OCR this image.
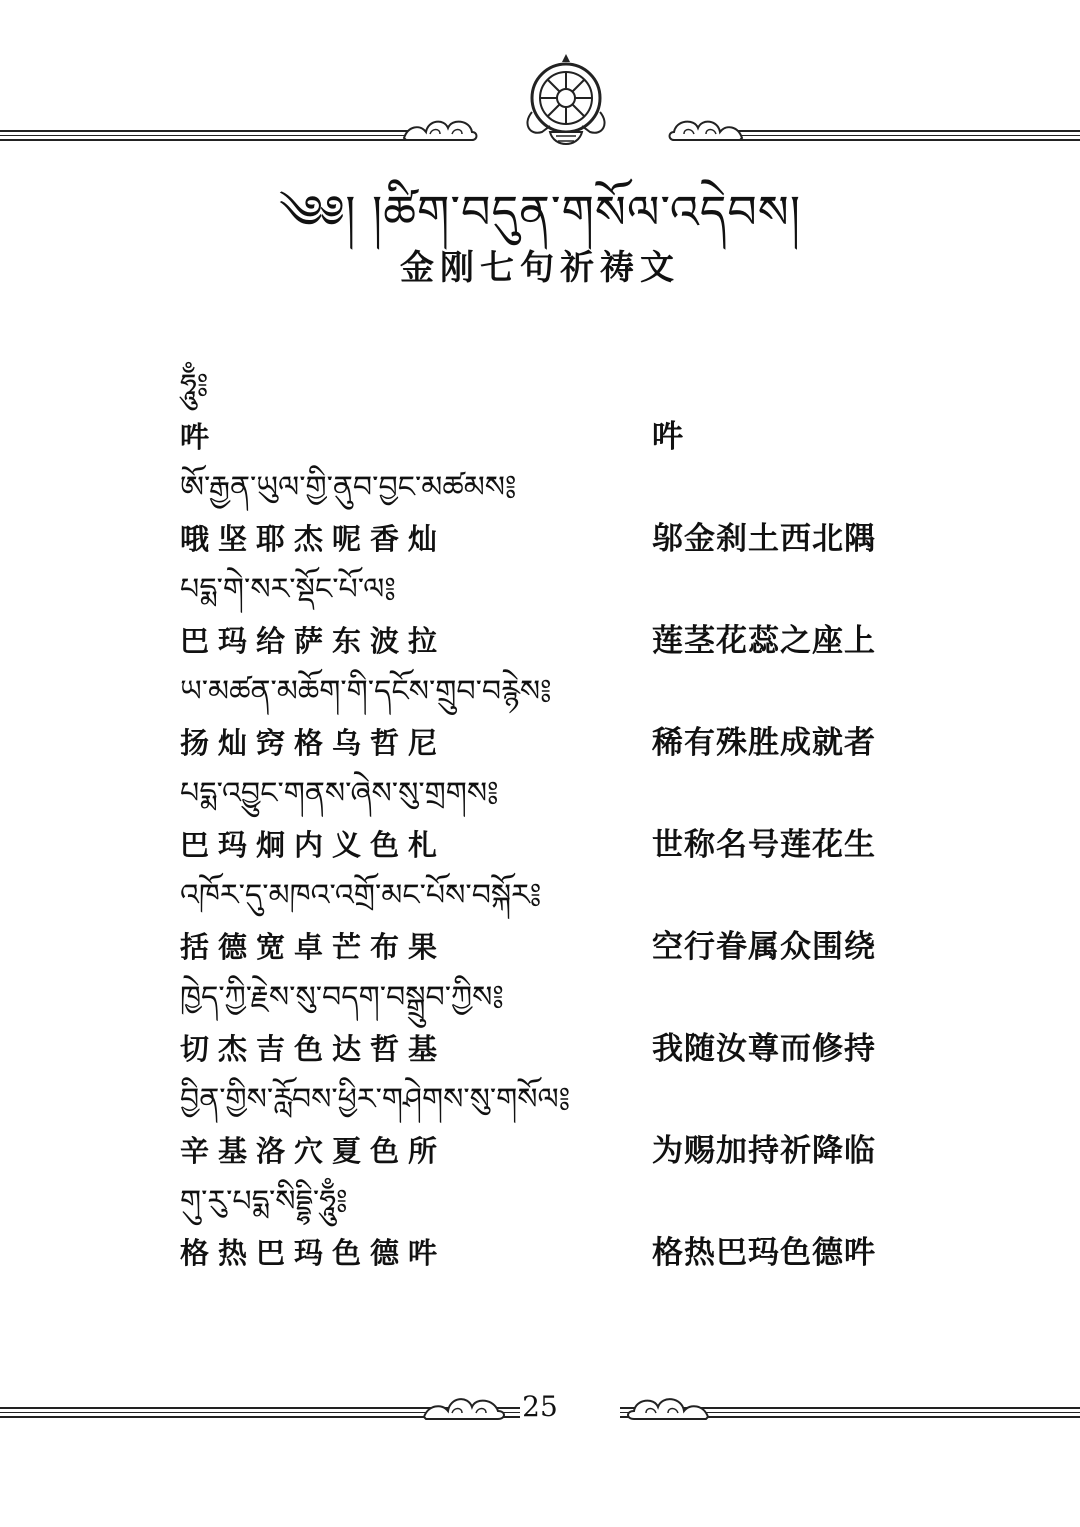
༄༅། །ཚིག་བདུན་གསོལ་འདེབས།
金刚七句祈祷文
ཧཱུྃ༔
吽	吽
ཨོ་རྒྱན་ཡུལ་གྱི་ནུབ་བྱང་མཚམས༔
哦坚耶杰呢香灿	邬金刹土西北隅
པདྨ་གེ་སར་སྡོང་པོ་ལ༔
巴玛给萨东波拉	莲茎花蕊之座上
ཡ་མཚན་མཆོག་གི་དངོས་གྲུབ་བརྙེས༔
扬灿窍格乌哲尼	稀有殊胜成就者
པདྨ་འབྱུང་གནས་ཞེས་སུ་གྲགས༔
巴玛炯内义色札	世称名号莲花生
འཁོར་དུ་མཁའ་འགྲོ་མང་པོས་བསྐོར༔
括德宽卓芒布果	空行眷属众围绕
ཁྱེད་ཀྱི་རྗེས་སུ་བདག་བསྒྲུབ་ཀྱིས༔
切杰吉色达哲基	我随汝尊而修持
བྱིན་གྱིས་རློབས་ཕྱིར་གཤེགས་སུ་གསོལ༔
辛基洛穴夏色所	为赐加持祈降临
གུ་རུ་པདྨ་སིདྡྷི་ཧཱུྃ༔
格热巴玛色德吽	格热巴玛色德吽
25
